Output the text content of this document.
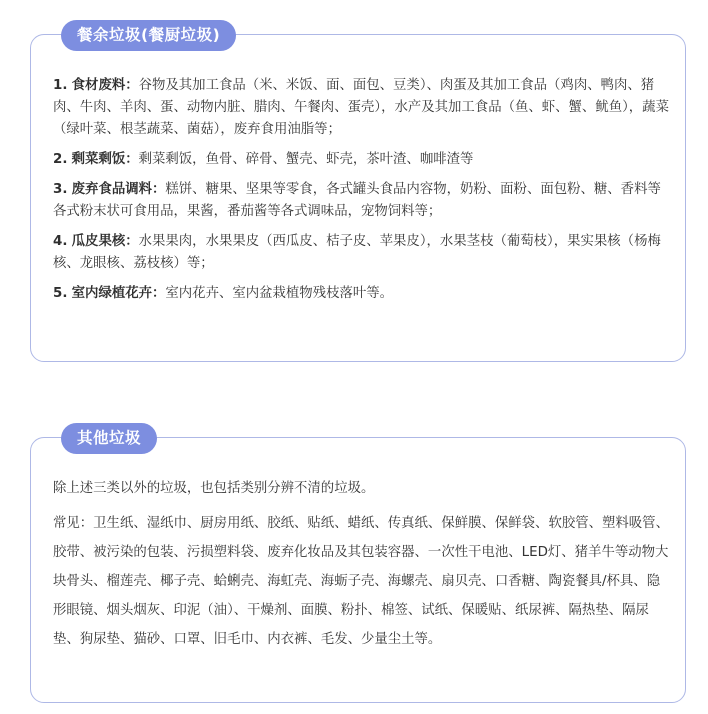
餐余垃圾(餐厨垃圾)

1. 食材废料：谷物及其加工食品（米、米饭、面、面包、豆类）、肉蛋及其加工食品（鸡肉、鸭肉、猪肉、牛肉、羊肉、蛋、动物内脏、腊肉、午餐肉、蛋壳），水产及其加工食品（鱼、虾、蟹、鱿鱼），蔬菜（绿叶菜、根茎蔬菜、菌菇），废弃食用油脂等；

2. 剩菜剩饭：剩菜剩饭，鱼骨、碎骨、蟹壳、虾壳，茶叶渣、咖啡渣等

3. 废弃食品调料：糕饼、糖果、坚果等零食，各式罐头食品内容物，奶粉、面粉、面包粉、糖、香料等各式粉末状可食用品，果酱，番茄酱等各式调味品，宠物饲料等；

4. 瓜皮果核：水果果肉，水果果皮（西瓜皮、桔子皮、苹果皮），水果茎枝（葡萄枝），果实果核（杨梅核、龙眼核、荔枝核）等；

5. 室内绿植花卉：室内花卉、室内盆栽植物残枝落叶等。

其他垃圾

除上述三类以外的垃圾，也包括类别分辨不清的垃圾。

常见：卫生纸、湿纸巾、厨房用纸、胶纸、贴纸、蜡纸、传真纸、保鲜膜、保鲜袋、软胶管、塑料吸管、胶带、被污染的包装、污损塑料袋、废弃化妆品及其包装容器、一次性干电池、LED灯、猪羊牛等动物大块骨头、榴莲壳、椰子壳、蛤蜊壳、海虹壳、海蛎子壳、海螺壳、扇贝壳、口香糖、陶瓷餐具/杯具、隐形眼镜、烟头烟灰、印泥（油）、干燥剂、面膜、粉扑、棉签、试纸、保暖贴、纸尿裤、隔热垫、隔尿垫、狗尿垫、猫砂、口罩、旧毛巾、内衣裤、毛发、少量尘土等。
